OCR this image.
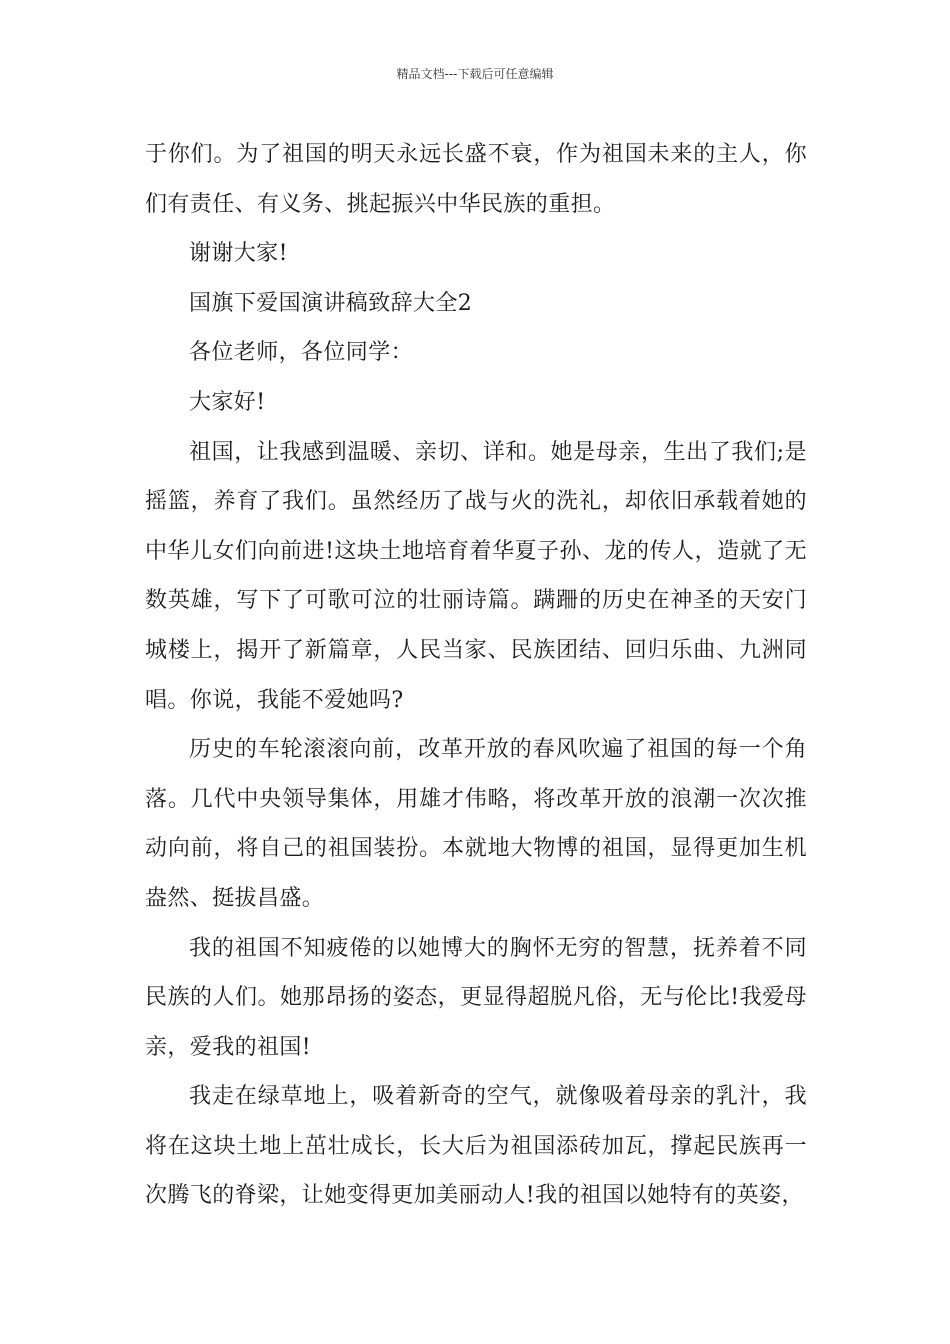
精品文档---下载后可任意编辑

于你们。为了祖国的明天永远长盛不衰，作为祖国未来的主人，你们有责任、有义务、挑起振兴中华民族的重担。

谢谢大家!

国旗下爱国演讲稿致辞大全2

各位老师，各位同学：

大家好!

祖国，让我感到温暖、亲切、详和。她是母亲，生出了我们;是摇篮，养育了我们。虽然经历了战与火的洗礼，却依旧承载着她的中华儿女们向前进!这块土地培育着华夏子孙、龙的传人，造就了无数英雄，写下了可歌可泣的壮丽诗篇。蹒跚的历史在神圣的天安门城楼上，揭开了新篇章，人民当家、民族团结、回归乐曲、九洲同唱。你说，我能不爱她吗?

历史的车轮滚滚向前，改革开放的春风吹遍了祖国的每一个角落。几代中央领导集体，用雄才伟略，将改革开放的浪潮一次次推动向前，将自己的祖国装扮。本就地大物博的祖国，显得更加生机盎然、挺拔昌盛。

我的祖国不知疲倦的以她博大的胸怀无穷的智慧，抚养着不同民族的人们。她那昂扬的姿态，更显得超脱凡俗，无与伦比!我爱母亲，爱我的祖国!

我走在绿草地上，吸着新奇的空气，就像吸着母亲的乳汁，我将在这块土地上茁壮成长，长大后为祖国添砖加瓦，撑起民族再一次腾飞的脊梁，让她变得更加美丽动人!我的祖国以她特有的英姿，
